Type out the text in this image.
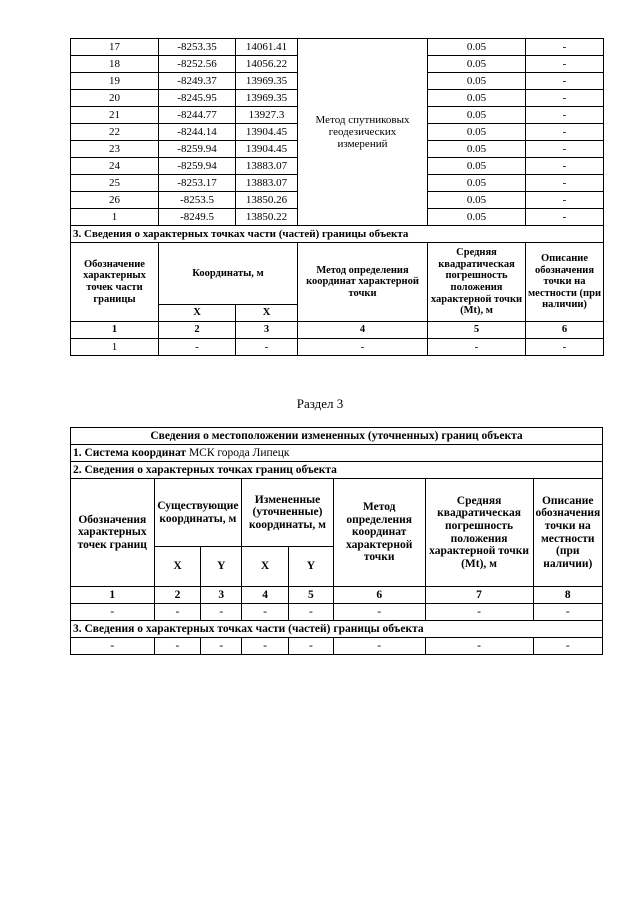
17	-8253.35	14061.41	Метод спутниковых геодезических измерений	0.05	-
18	-8252.56	14056.22		0.05	-
19	-8249.37	13969.35		0.05	-
20	-8245.95	13969.35		0.05	-
21	-8244.77	13927.3		0.05	-
22	-8244.14	13904.45		0.05	-
23	-8259.94	13904.45		0.05	-
24	-8259.94	13883.07		0.05	-
25	-8253.17	13883.07		0.05	-
26	-8253.5	13850.26		0.05	-
1	-8249.5	13850.22		0.05	-
3. Сведения о характерных точках части (частей) границы объекта					
Обозначение характерных точек части границы	Координаты, м		Метод определения координат характерной точки	Средняя квадратическая погрешность положения характерной точки (Mt), м	Описание обозначения точки на местности (при наличии)
	X	X			
1	2	3	4	5	6
1	-	-	-	-	-
Раздел 3
Сведения о местоположении измененных (уточненных) границ объекта							
1. Система координат МСК города Липецк							
2. Сведения о характерных точках границ объекта							
Обозначения характерных точек границ	Существующие координаты, м		Измененные (уточненные) координаты, м		Метод определения координат характерной точки	Средняя квадратическая погрешность положения характерной точки (Mt), м	Описание обозначения точки на местности (при наличии)
	X	Y	X	Y			
1	2	3	4	5	6	7	8
-	-	-	-	-	-	-	-
3. Сведения о характерных точках части (частей) границы объекта							
-	-	-	-	-	-	-	-
